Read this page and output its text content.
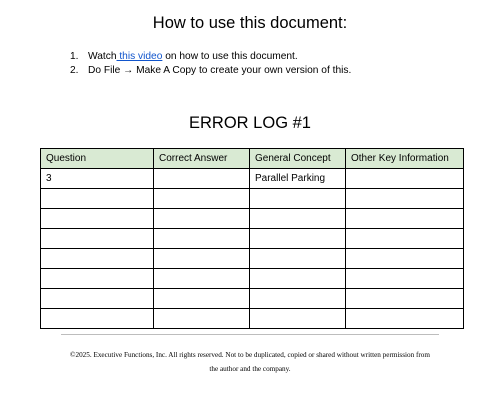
How to use this document:
1. Watch this video on how to use this document.
2. Do File → Make A Copy to create your own version of this.
ERROR LOG #1
Question	Correct Answer	General Concept	Other Key Information
3		Parallel Parking	

©2025. Executive Functions, Inc. All rights reserved. Not to be duplicated, copied or shared without written permission from
the author and the company.
